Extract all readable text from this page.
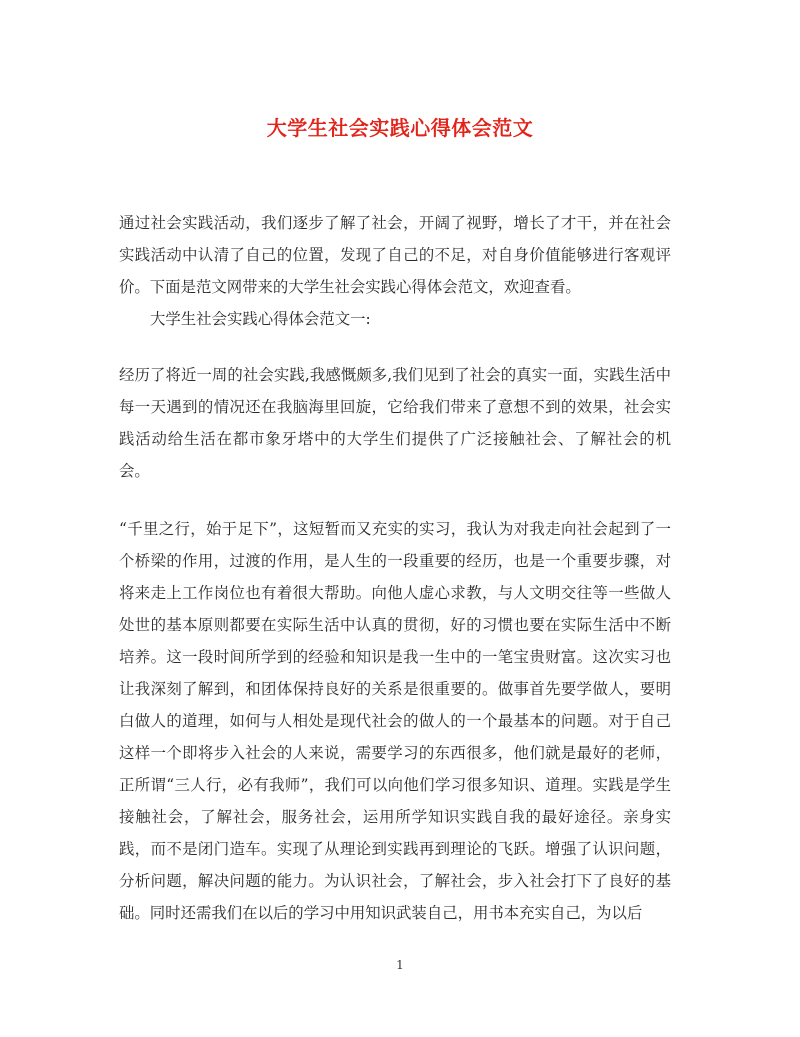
大学生社会实践心得体会范文
通过社会实践活动，我们逐步了解了社会，开阔了视野，增长了才干，并在社会实践活动中认清了自己的位置，发现了自己的不足，对自身价值能够进行客观评价。下面是范文网带来的大学生社会实践心得体会范文，欢迎查看。
大学生社会实践心得体会范文一:
经历了将近一周的社会实践,我感慨颇多,我们见到了社会的真实一面，实践生活中每一天遇到的情况还在我脑海里回旋，它给我们带来了意想不到的效果，社会实践活动给生活在都市象牙塔中的大学生们提供了广泛接触社会、了解社会的机会。
“千里之行，始于足下”，这短暂而又充实的实习，我认为对我走向社会起到了一个桥梁的作用，过渡的作用，是人生的一段重要的经历，也是一个重要步骤，对将来走上工作岗位也有着很大帮助。向他人虚心求教，与人文明交往等一些做人处世的基本原则都要在实际生活中认真的贯彻，好的习惯也要在实际生活中不断培养。这一段时间所学到的经验和知识是我一生中的一笔宝贵财富。这次实习也让我深刻了解到，和团体保持良好的关系是很重要的。做事首先要学做人，要明白做人的道理，如何与人相处是现代社会的做人的一个最基本的问题。对于自己这样一个即将步入社会的人来说，需要学习的东西很多，他们就是最好的老师，正所谓“三人行，必有我师”，我们可以向他们学习很多知识、道理。实践是学生接触社会，了解社会，服务社会，运用所学知识实践自我的最好途径。亲身实践，而不是闭门造车。实现了从理论到实践再到理论的飞跃。增强了认识问题，分析问题，解决问题的能力。为认识社会，了解社会，步入社会打下了良好的基础。同时还需我们在以后的学习中用知识武装自己，用书本充实自己，为以后
1
